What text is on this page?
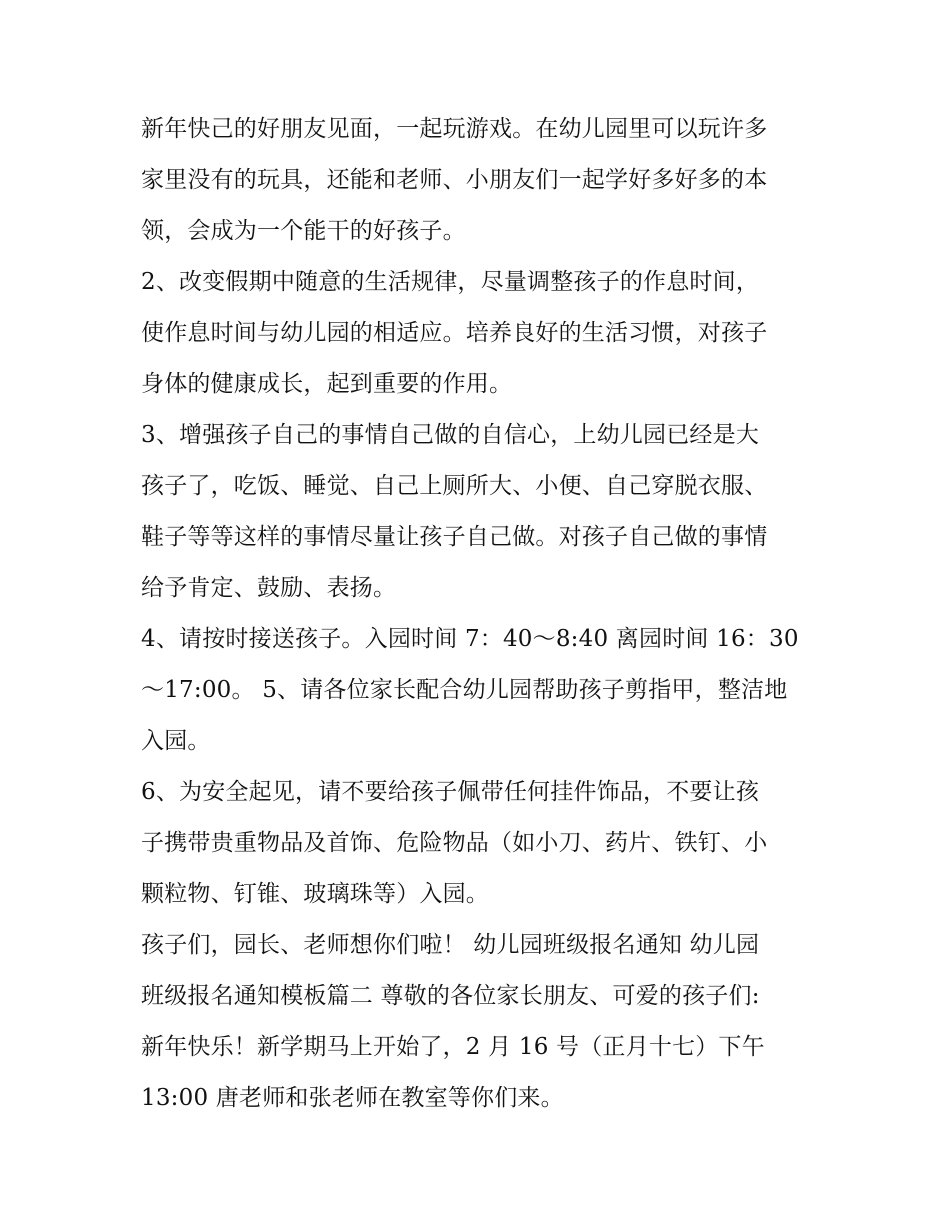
新年快己的好朋友见面，一起玩游戏。在幼儿园里可以玩许多
家里没有的玩具，还能和老师、小朋友们一起学好多好多的本
领，会成为一个能干的好孩子。
2、改变假期中随意的生活规律，尽量调整孩子的作息时间，
使作息时间与幼儿园的相适应。培养良好的生活习惯，对孩子
身体的健康成长，起到重要的作用。
3、增强孩子自己的事情自己做的自信心，上幼儿园已经是大
孩子了，吃饭、睡觉、自己上厕所大、小便、自己穿脱衣服、
鞋子等等这样的事情尽量让孩子自己做。对孩子自己做的事情
给予肯定、鼓励、表扬。
4、请按时接送孩子。入园时间 7：40～8:40 离园时间 16：30
～17:00。 5、请各位家长配合幼儿园帮助孩子剪指甲，整洁地
入园。
6、为安全起见，请不要给孩子佩带任何挂件饰品，不要让孩
子携带贵重物品及首饰、危险物品（如小刀、药片、铁钉、小
颗粒物、钉锥、玻璃珠等）入园。
孩子们，园长、老师想你们啦！ 幼儿园班级报名通知 幼儿园
班级报名通知模板篇二 尊敬的各位家长朋友、可爱的孩子们:
新年快乐！新学期马上开始了，2 月 16 号（正月十七）下午
13:00 唐老师和张老师在教室等你们来。
